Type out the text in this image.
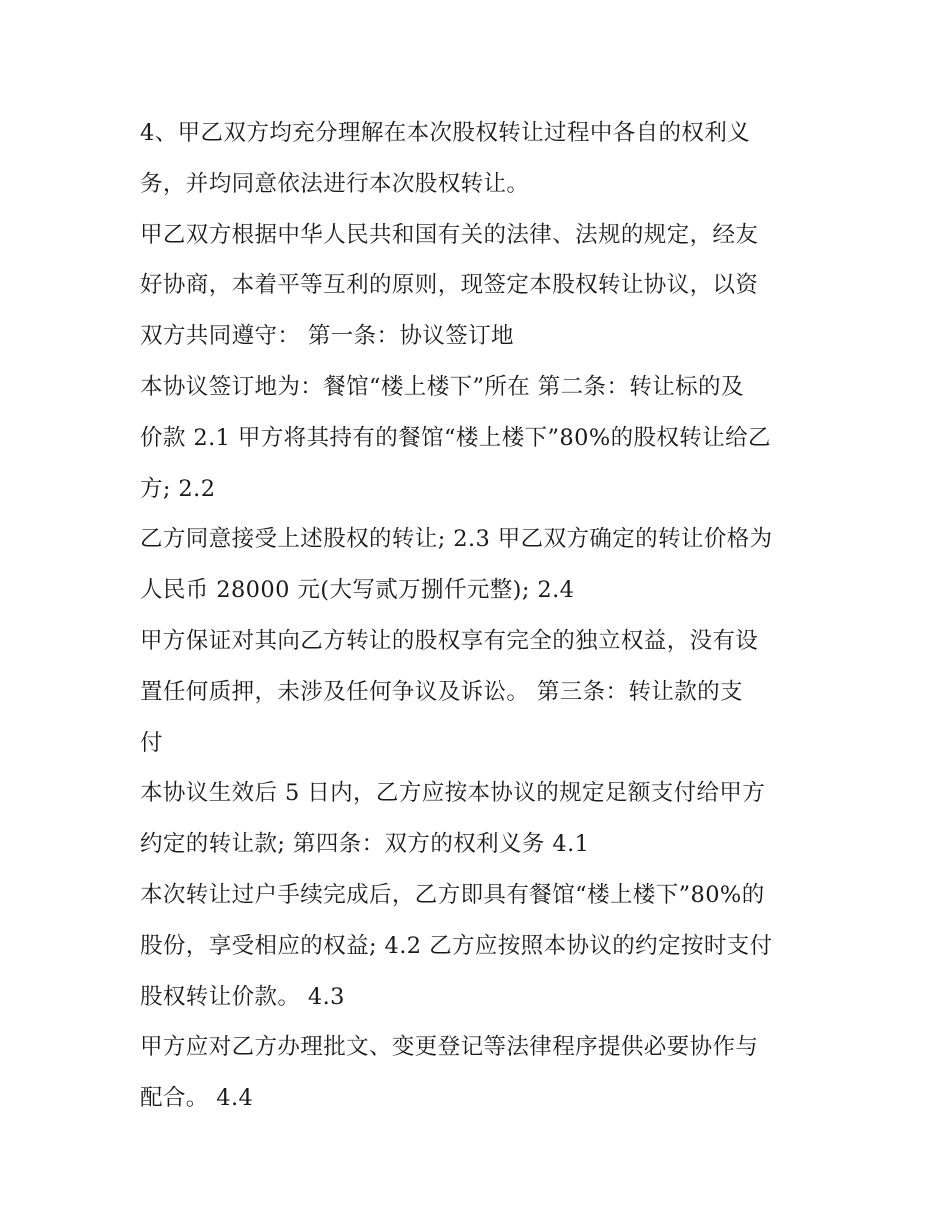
4、甲乙双方均充分理解在本次股权转让过程中各自的权利义
务，并均同意依法进行本次股权转让。
甲乙双方根据中华人民共和国有关的法律、法规的规定，经友
好协商，本着平等互利的原则，现签定本股权转让协议，以资
双方共同遵守： 第一条：协议签订地
本协议签订地为：餐馆“楼上楼下”所在 第二条：转让标的及
价款 2.1 甲方将其持有的餐馆“楼上楼下”80%的股权转让给乙
方; 2.2
乙方同意接受上述股权的转让; 2.3 甲乙双方确定的转让价格为
人民币 28000 元(大写贰万捌仟元整); 2.4
甲方保证对其向乙方转让的股权享有完全的独立权益，没有设
置任何质押，未涉及任何争议及诉讼。 第三条：转让款的支
付
本协议生效后 5 日内，乙方应按本协议的规定足额支付给甲方
约定的转让款; 第四条：双方的权利义务 4.1
本次转让过户手续完成后，乙方即具有餐馆“楼上楼下”80%的
股份，享受相应的权益; 4.2 乙方应按照本协议的约定按时支付
股权转让价款。 4.3
甲方应对乙方办理批文、变更登记等法律程序提供必要协作与
配合。 4.4
